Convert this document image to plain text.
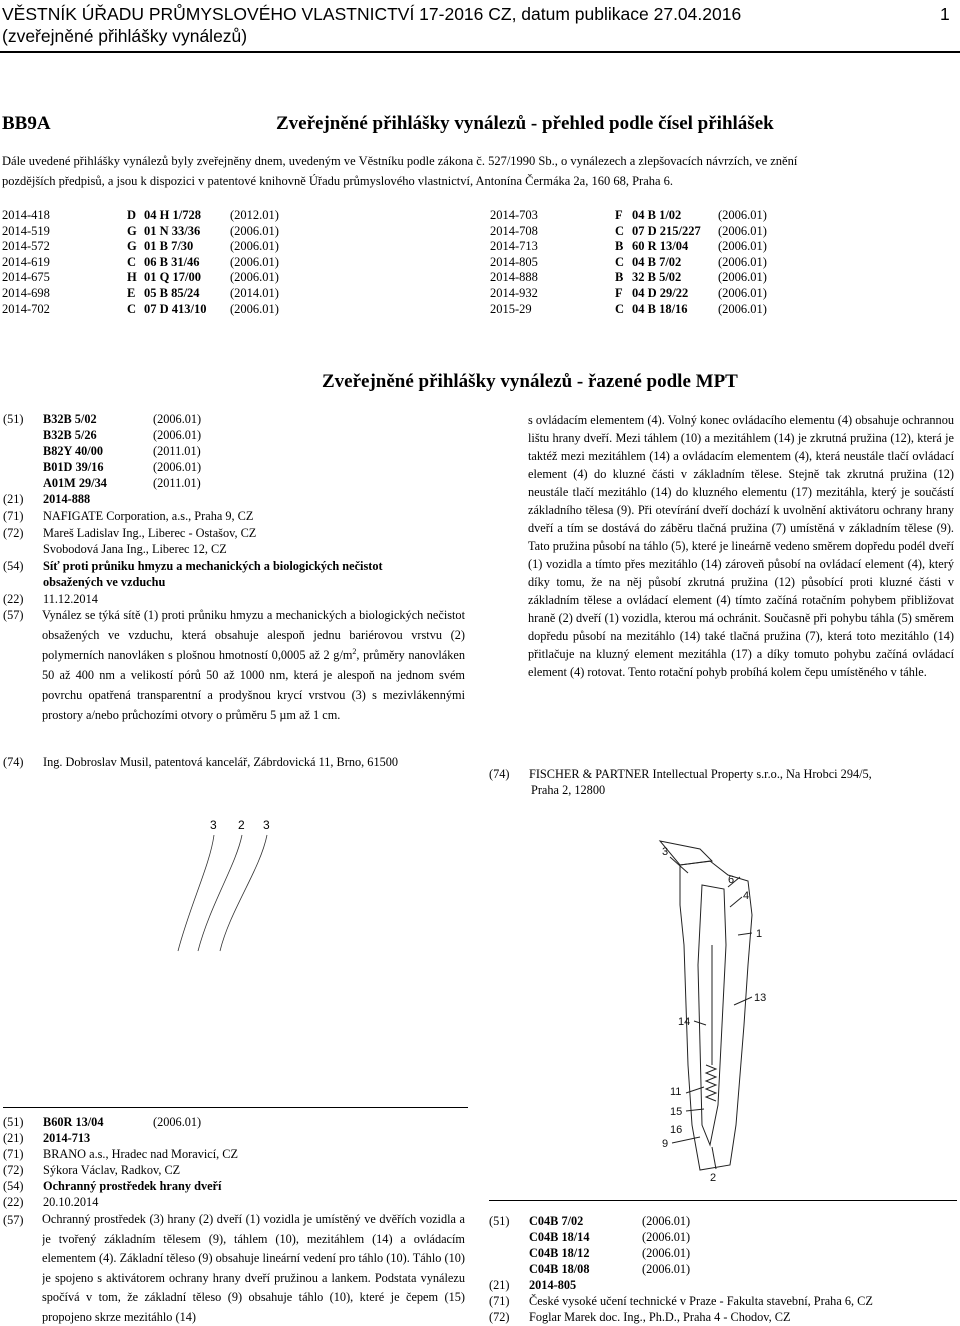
VĚSTNÍK ÚŘADU PRŮMYSLOVÉHO VLASTNICTVÍ 17-2016 CZ, datum publikace 27.04.2016
(zveřejněné přihlášky vynálezů)
1
BB9A	Zveřejněné přihlášky vynálezů - přehled podle čísel přihlášek
Dále uvedené přihlášky vynálezů byly zveřejněny dnem, uvedeným ve Věstníku podle zákona č. 527/1990 Sb., o vynálezech a zlepšovacích návrzích, ve znění
pozdějších předpisů, a jsou k dispozici v patentové knihovně Úřadu průmyslového vlastnictví, Antonína Čermáka 2a, 160 68, Praha 6.
2014-418	D 04 H 1/728 (2012.01)
2014-519	G 01 N 33/36 (2006.01)
2014-572	G 01 B 7/30	(2006.01)
2014-619	C 06 B 31/46 (2006.01)
2014-675	H 01 Q 17/00 (2006.01)
2014-698	E 05 B 85/24 (2014.01)
2014-702	C 07 D 413/10 (2006.01)
2014-703	F 04 B 1/02	(2006.01)
2014-708	C 07 D 215/227 (2006.01)
2014-713	B 60 R 13/04 (2006.01)
2014-805	C 04 B 7/02	(2006.01)
2014-888	B 32 B 5/02	(2006.01)
2014-932	F 04 D 29/22 (2006.01)
2015-29	C 04 B 18/16 (2006.01)
Zveřejněné přihlášky vynálezů - řazené podle MPT
(51) B32B 5/02	(2006.01)
B32B 5/26	(2006.01)
B82Y 40/00	(2011.01)
B01D 39/16	(2006.01)
A01M 29/34	(2011.01)
(21) 2014-888
(71) NAFIGATE Corporation, a.s., Praha 9, CZ
(72) Mareš Ladislav Ing., Liberec - Ostašov, CZ
Svobodová Jana Ing., Liberec 12, CZ
(54) Síť proti průniku hmyzu a mechanických a biologických nečistot
obsažených ve vzduchu
(22) 11.12.2014
(57) Vynález se týká sítě (1) proti průniku hmyzu a mechanických a biologických nečistot obsažených ve vzduchu, která obsahuje alespoň jednu bariérovou vrstvu (2) polymerních nanovláken s plošnou hmotností 0,0005 až 2 $g/m^2$, průměry nanovláken 50 až 400 nm a velikostí pórů 50 až 1000 nm, která je alespoň na jednom svém povrchu opatřená transparentní a prodyšnou krycí vrstvou (3) s mezivlákennými prostory a/nebo průchozími otvory o průměru 5 µm až 1 cm.
(74) Ing. Dobroslav Musil, patentová kancelář, Zábrdovická 11, Brno, 61500
3 2 3
s ovládacím elementem (4). Volný konec ovládacího elementu (4) obsahuje ochrannou lištu hrany dveří. Mezi táhlem (10) a mezitáhlem (14) je zkrutná pružina (12), která je taktéž mezi mezitáhlem (14) a ovládacím elementem (4), která neustále tlačí ovládací element (4) do kluzné části v základním tělese. Stejně tak zkrutná pružina (12) neustále tlačí mezitáhlo (14) do kluzného elementu (17) mezitáhla, který je součástí základního tělesa (9). Při otevírání dveří dochází k uvolnění aktivátoru ochrany hrany dveří a tím se dostává do záběru tlačná pružina (7) umístěná v základním tělese (9). Tato pružina působí na táhlo (5), které je lineárně vedeno směrem dopředu podél dveří (1) vozidla a tímto přes mezitáhlo (14) zároveň působí na ovládací element (4), který díky tomu, že na něj působí zkrutná pružina (12) působící proti kluzné části v základním tělese a ovládací element (4) tímto začíná rotačním pohybem přibližovat hraně (2) dveří (1) vozidla, kterou má ochránit. Současně při pohybu táhla (5) směrem dopředu působí na mezitáhlo (14) také tlačná pružina (7), která toto mezitáhlo (14) přitlačuje na kluzný element mezitáhla (17) a díky tomuto pohybu začíná ovládací element (4) rotovat. Tento rotační pohyb probíhá kolem čepu umístěného v táhle.
(74) FISCHER & PARTNER Intellectual Property s.r.o., Na Hrobci 294/5,
Praha 2, 12800
3
6
4
1
13
14
11
15
16
9
2
(51) B60R 13/04	(2006.01)
(21) 2014-713
(71) BRANO a.s., Hradec nad Moravicí, CZ
(72) Sýkora Václav, Radkov, CZ
(54) Ochranný prostředek hrany dveří
(22) 20.10.2014
(57) Ochranný prostředek (3) hrany (2) dveří (1) vozidla je umístěný ve dvěřích vozidla a je tvořený základním tělesem (9), táhlem (10), mezitáhlem (14) a ovládacím elementem (4). Základní těleso (9) obsahuje lineární vedení pro táhlo (10). Táhlo (10) je spojeno s aktivátorem ochrany hrany dveří pružinou a lankem. Podstata vynálezu spočívá v tom, že základní těleso (9) obsahuje táhlo (10), které je čepem (15) propojeno skrze mezitáhlo (14)
(51) C04B 7/02	(2006.01)
C04B 18/14	(2006.01)
C04B 18/12	(2006.01)
C04B 18/08	(2006.01)
(21) 2014-805
(71) České vysoké učení technické v Praze - Fakulta stavební, Praha 6, CZ
(72) Foglar Marek doc. Ing., Ph.D., Praha 4 - Chodov, CZ
